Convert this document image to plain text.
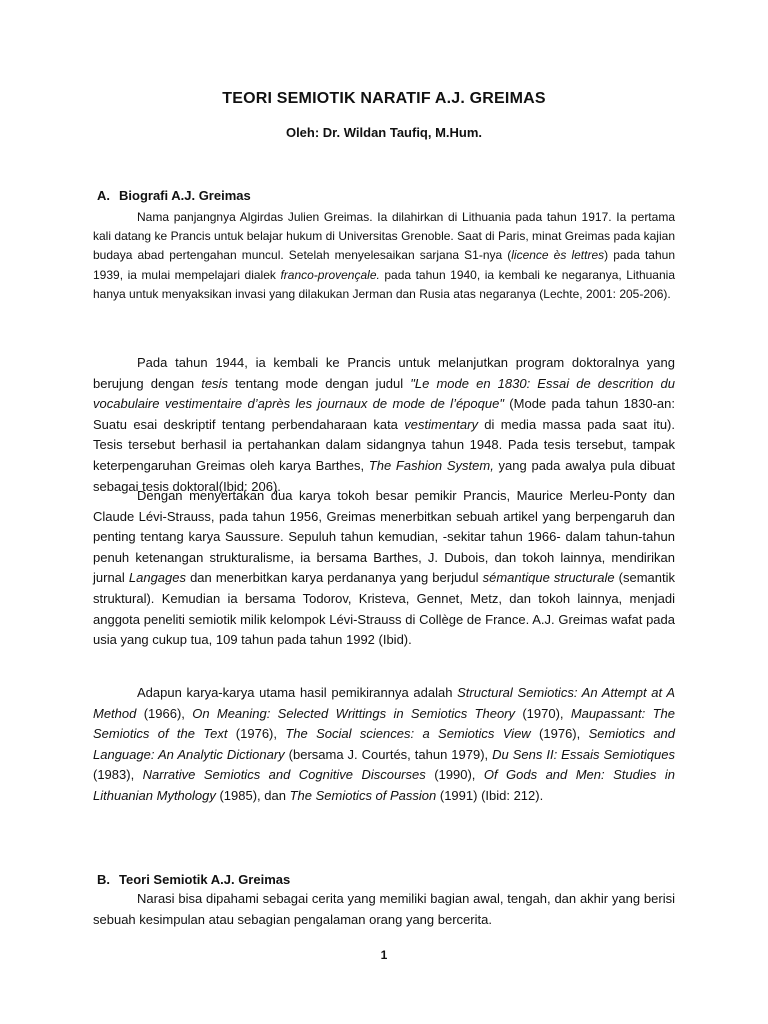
TEORI SEMIOTIK NARATIF A.J. GREIMAS
Oleh: Dr. Wildan Taufiq, M.Hum.
A. Biografi A.J. Greimas

Nama panjangnya Algirdas Julien Greimas. Ia dilahirkan di Lithuania pada tahun 1917. Ia pertama kali datang ke Prancis untuk belajar hukum di Universitas Grenoble. Saat di Paris, minat Greimas pada kajian budaya abad pertengahan muncul. Setelah menyelesaikan sarjana S1-nya (licence ès lettres) pada tahun 1939, ia mulai mempelajari dialek franco-provençale. pada tahun 1940, ia kembali ke negaranya, Lithuania hanya untuk menyaksikan invasi yang dilakukan Jerman dan Rusia atas negaranya (Lechte, 2001: 205-206).

Pada tahun 1944, ia kembali ke Prancis untuk melanjutkan program doktoralnya yang berujung dengan tesis tentang mode dengan judul "Le mode en 1830: Essai de descrition du vocabulaire vestimentaire d’après les journaux de mode de l’époque" (Mode pada tahun 1830-an: Suatu esai deskriptif tentang perbendaharaan kata vestimentary di media massa pada saat itu). Tesis tersebut berhasil ia pertahankan dalam sidangnya tahun 1948. Pada tesis tersebut, tampak keterpengaruhan Greimas oleh karya Barthes, The Fashion System, yang pada awalya pula dibuat sebagai tesis doktoral(Ibid: 206).

Dengan menyertakan dua karya tokoh besar pemikir Prancis, Maurice Merleu-Ponty dan Claude Lévi-Strauss, pada tahun 1956, Greimas menerbitkan sebuah artikel yang berpengaruh dan penting tentang karya Saussure. Sepuluh tahun kemudian, -sekitar tahun 1966- dalam tahun-tahun penuh ketenangan strukturalisme, ia bersama Barthes, J. Dubois, dan tokoh lainnya, mendirikan jurnal Langages dan menerbitkan karya perdananya yang berjudul sémantique structurale (semantik struktural). Kemudian ia bersama Todorov, Kristeva, Gennet, Metz, dan tokoh lainnya, menjadi anggota peneliti semiotik milik kelompok Lévi-Strauss di Collège de France. A.J. Greimas wafat pada usia yang cukup tua, 109 tahun pada tahun 1992 (Ibid).

Adapun karya-karya utama hasil pemikirannya adalah Structural Semiotics: An Attempt at A Method (1966), On Meaning: Selected Writtings in Semiotics Theory (1970), Maupassant: The Semiotics of the Text (1976), The Social sciences: a Semiotics View (1976), Semiotics and Language: An Analytic Dictionary (bersama J. Courtés, tahun 1979), Du Sens II: Essais Semiotiques (1983), Narrative Semiotics and Cognitive Discourses (1990), Of Gods and Men: Studies in Lithuanian Mythology (1985), dan The Semiotics of Passion (1991) (Ibid: 212).

B. Teori Semiotik A.J. Greimas

Narasi bisa dipahami sebagai cerita yang memiliki bagian awal, tengah, dan akhir yang berisi sebuah kesimpulan atau sebagian pengalaman orang yang bercerita.

1
